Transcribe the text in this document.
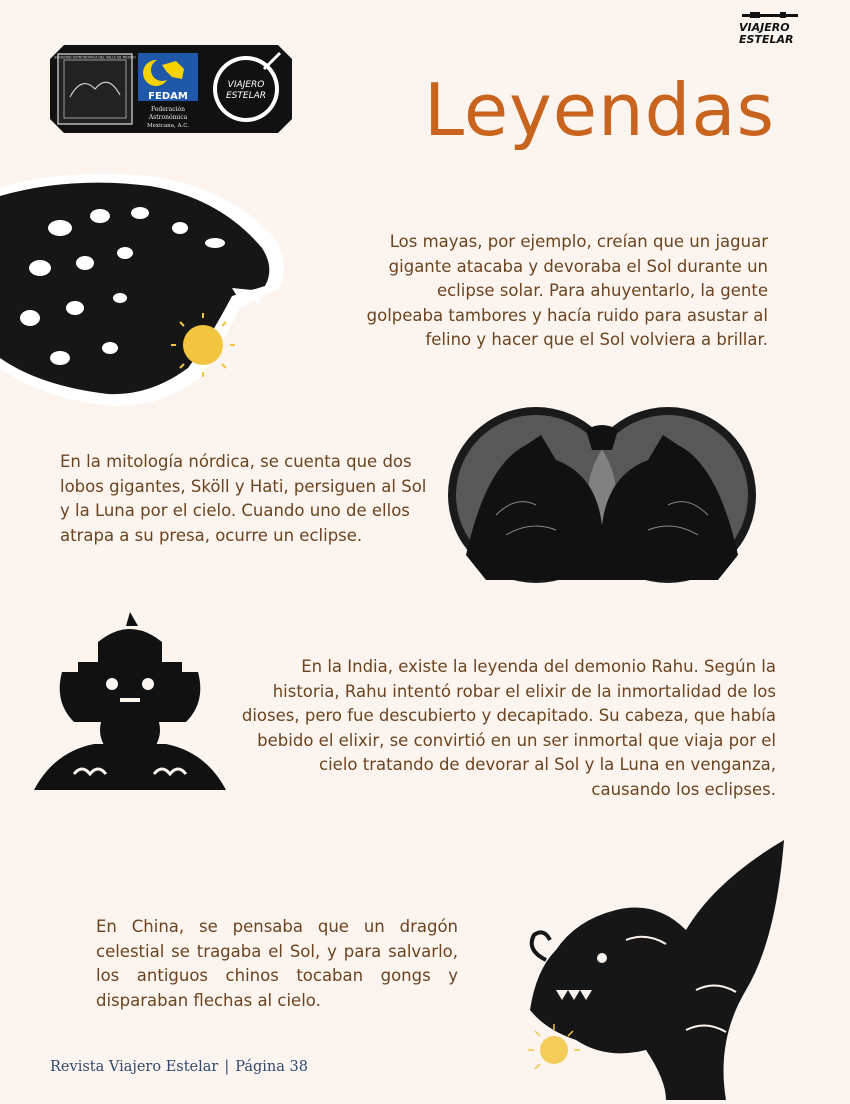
VIAJERO
ESTELAR
SOCIEDAD ASTRONÓMICA DEL VALLE DE MÉXICO
FEDAM
Federación
Astronómica
Mexicana, A.C.
VIAJERO
ESTELAR Leyendas
Los mayas, por ejemplo, creían que un jaguar gigante atacaba y devoraba el Sol durante un eclipse solar. Para ahuyentarlo, la gente golpeaba tambores y hacía ruido para asustar al felino y hacer que el Sol volviera a brillar.
En la mitología nórdica, se cuenta que dos lobos gigantes, Sköll y Hati, persiguen al Sol y la Luna por el cielo. Cuando uno de ellos atrapa a su presa, ocurre un eclipse.
En la India, existe la leyenda del demonio Rahu. Según la historia, Rahu intentó robar el elixir de la inmortalidad de los dioses, pero fue descubierto y decapitado. Su cabeza, que había bebido el elixir, se convirtió en un ser inmortal que viaja por el cielo tratando de devorar al Sol y la Luna en venganza, causando los eclipses.
En China, se pensaba que un dragón celestial se tragaba el Sol, y para salvarlo, los antiguos chinos tocaban gongs y disparaban flechas al cielo.
Revista Viajero Estelar | Página 38
